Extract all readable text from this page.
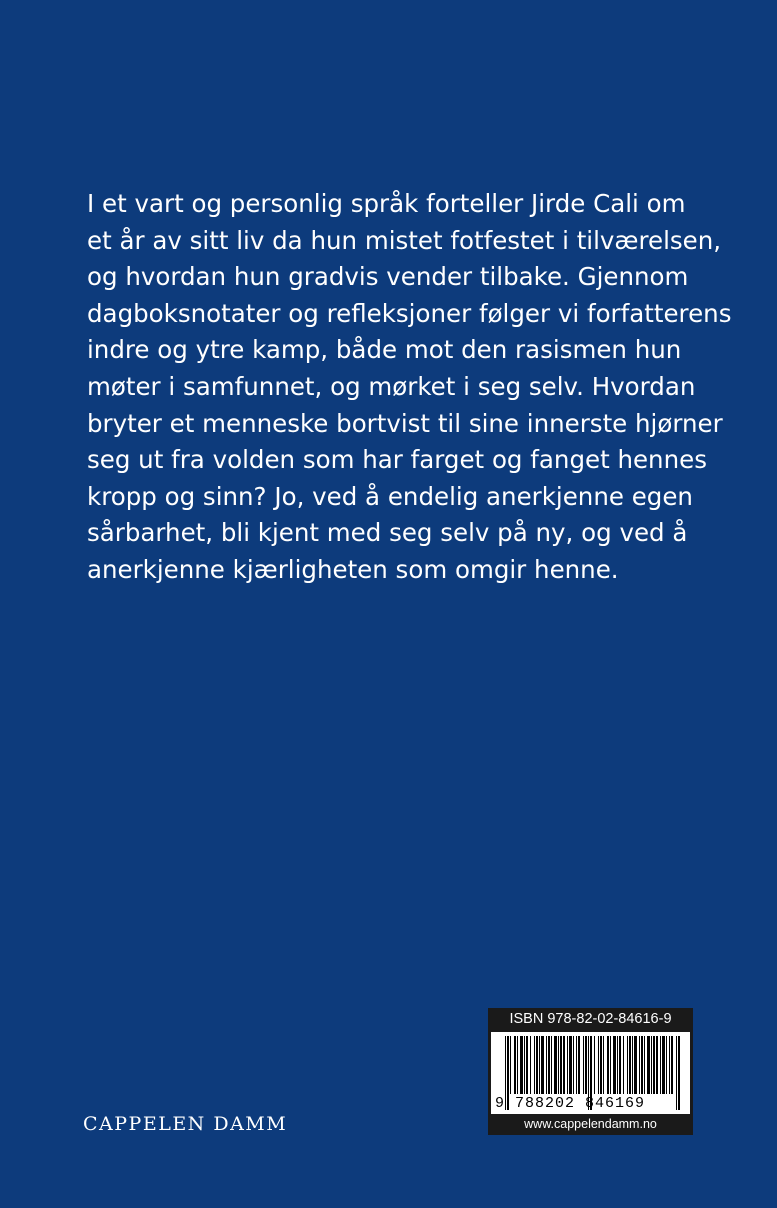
I et vart og personlig språk forteller Jirde Cali om
et år av sitt liv da hun mistet fotfestet i tilværelsen,
og hvordan hun gradvis vender tilbake. Gjennom
dagboksnotater og refleksjoner følger vi forfatterens
indre og ytre kamp, både mot den rasismen hun
møter i samfunnet, og mørket i seg selv. Hvordan
bryter et menneske bortvist til sine innerste hjørner
seg ut fra volden som har farget og fanget hennes
kropp og sinn? Jo, ved å endelig anerkjenne egen
sårbarhet, bli kjent med seg selv på ny, og ved å
anerkjenne kjærligheten som omgir henne.
CAPPELEN DAMM
ISBN 978-82-02-84616-9
9 788202 846169
www.cappelendamm.no
